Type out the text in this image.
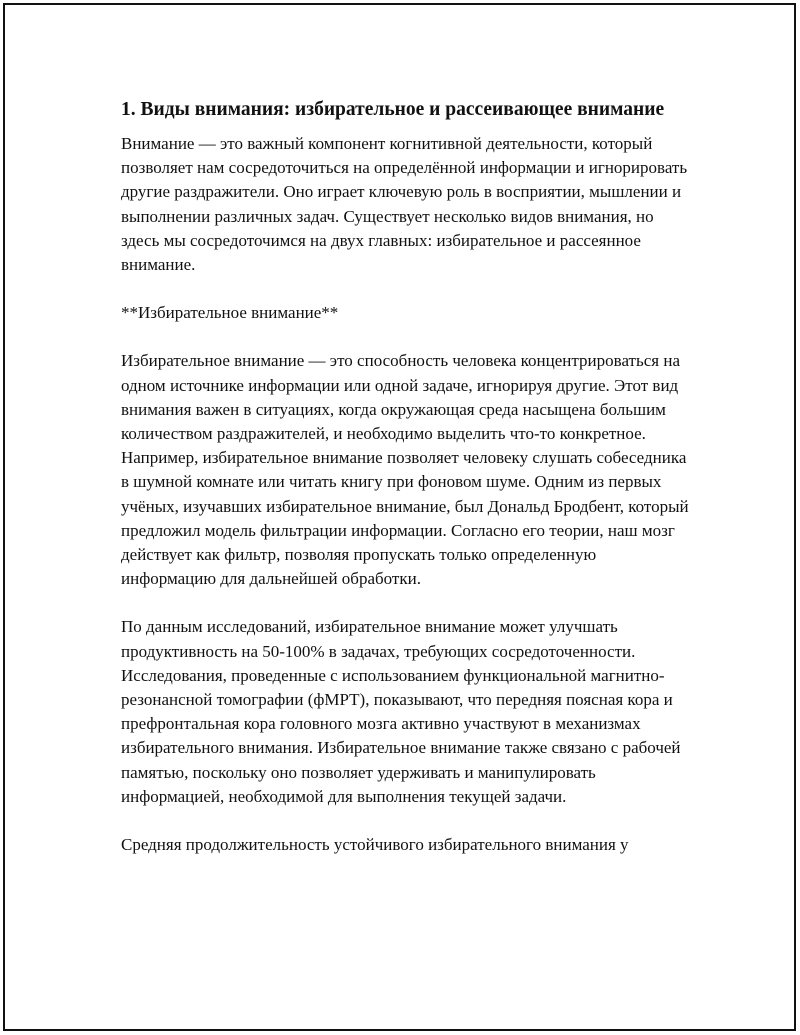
1. Виды внимания: избирательное и рассеивающее внимание

Внимание — это важный компонент когнитивной деятельности, который позволяет нам сосредоточиться на определённой информации и игнорировать другие раздражители. Оно играет ключевую роль в восприятии, мышлении и выполнении различных задач. Существует несколько видов внимания, но здесь мы сосредоточимся на двух главных: избирательное и рассеянное внимание.

**Избирательное внимание**

Избирательное внимание — это способность человека концентрироваться на одном источнике информации или одной задаче, игнорируя другие. Этот вид внимания важен в ситуациях, когда окружающая среда насыщена большим количеством раздражителей, и необходимо выделить что-то конкретное. Например, избирательное внимание позволяет человеку слушать собеседника в шумной комнате или читать книгу при фоновом шуме. Одним из первых учёных, изучавших избирательное внимание, был Дональд Бродбент, который предложил модель фильтрации информации. Согласно его теории, наш мозг действует как фильтр, позволяя пропускать только определенную информацию для дальнейшей обработки.

По данным исследований, избирательное внимание может улучшать продуктивность на 50-100% в задачах, требующих сосредоточенности. Исследования, проведенные с использованием функциональной магнитно-резонансной томографии (фМРТ), показывают, что передняя поясная кора и префронтальная кора головного мозга активно участвуют в механизмах избирательного внимания. Избирательное внимание также связано с рабочей памятью, поскольку оно позволяет удерживать и манипулировать информацией, необходимой для выполнения текущей задачи.

Средняя продолжительность устойчивого избирательного внимания у
